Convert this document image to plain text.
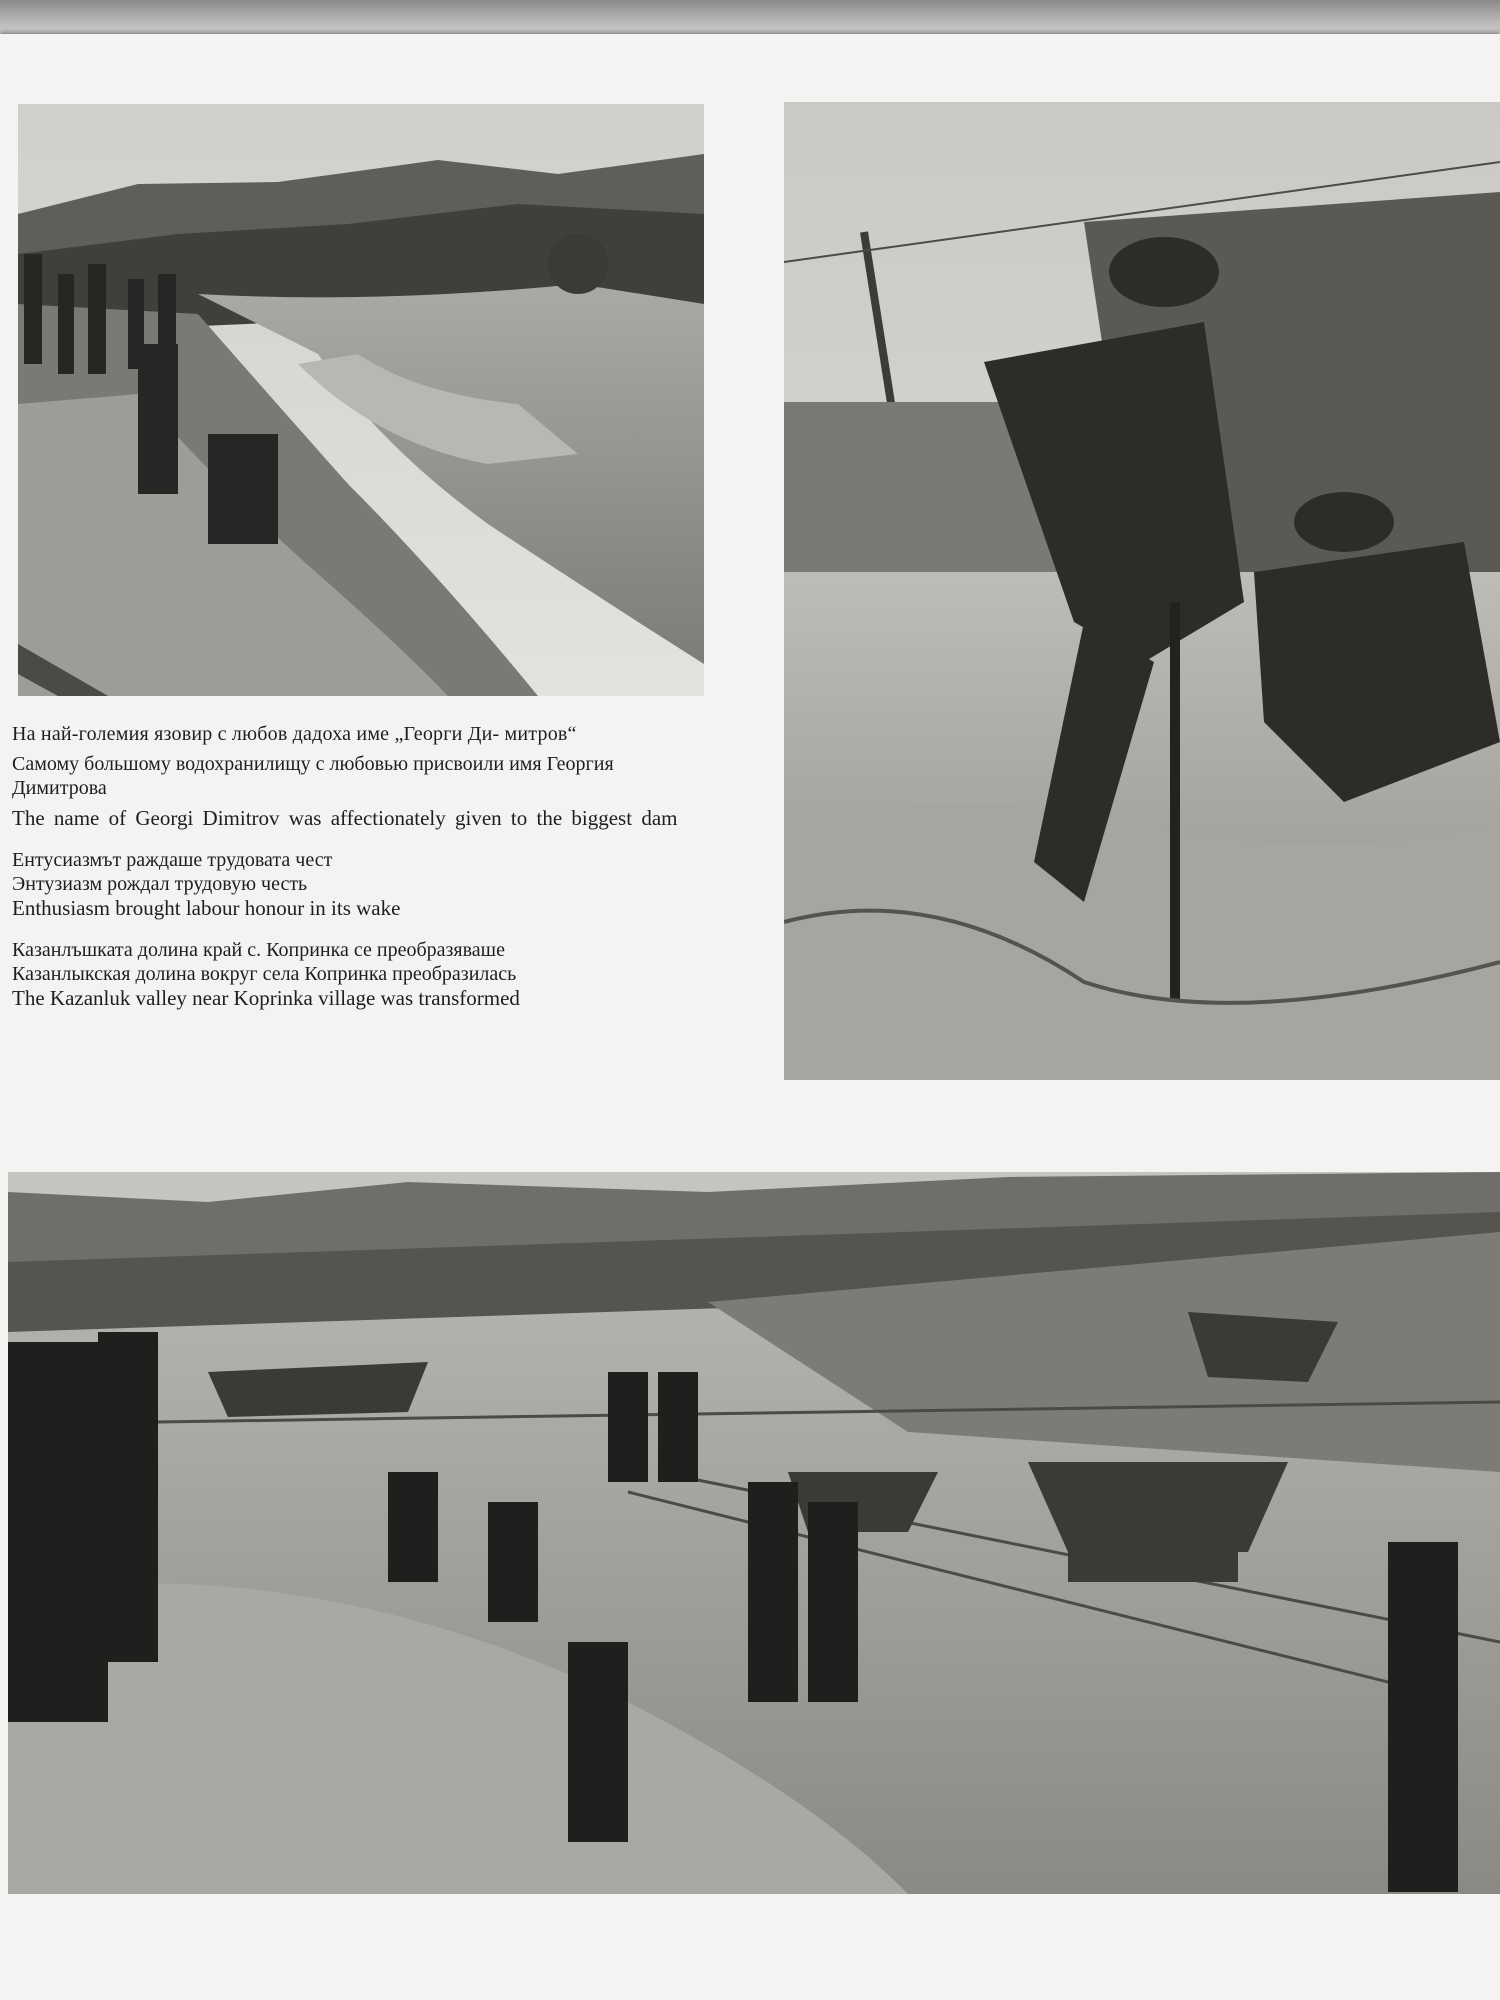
На най-големия язовир с любов дадоха име „Георги Ди- митров“
Самому большому водохранилищу с любовью присвоили имя Георгия Димитрова
The name of Georgi Dimitrov was affectionately given to the biggest dam
Ентусиазмът раждаше трудовата чест
Энтузиазм рождал трудовую честь
Enthusiasm brought labour honour in its wake
Казанлъшката долина край с. Копринка се преобразяваше
Казанлыкская долина вокруг села Копринка преобразилась
The Kazanluk valley near Koprinka village was transformed
